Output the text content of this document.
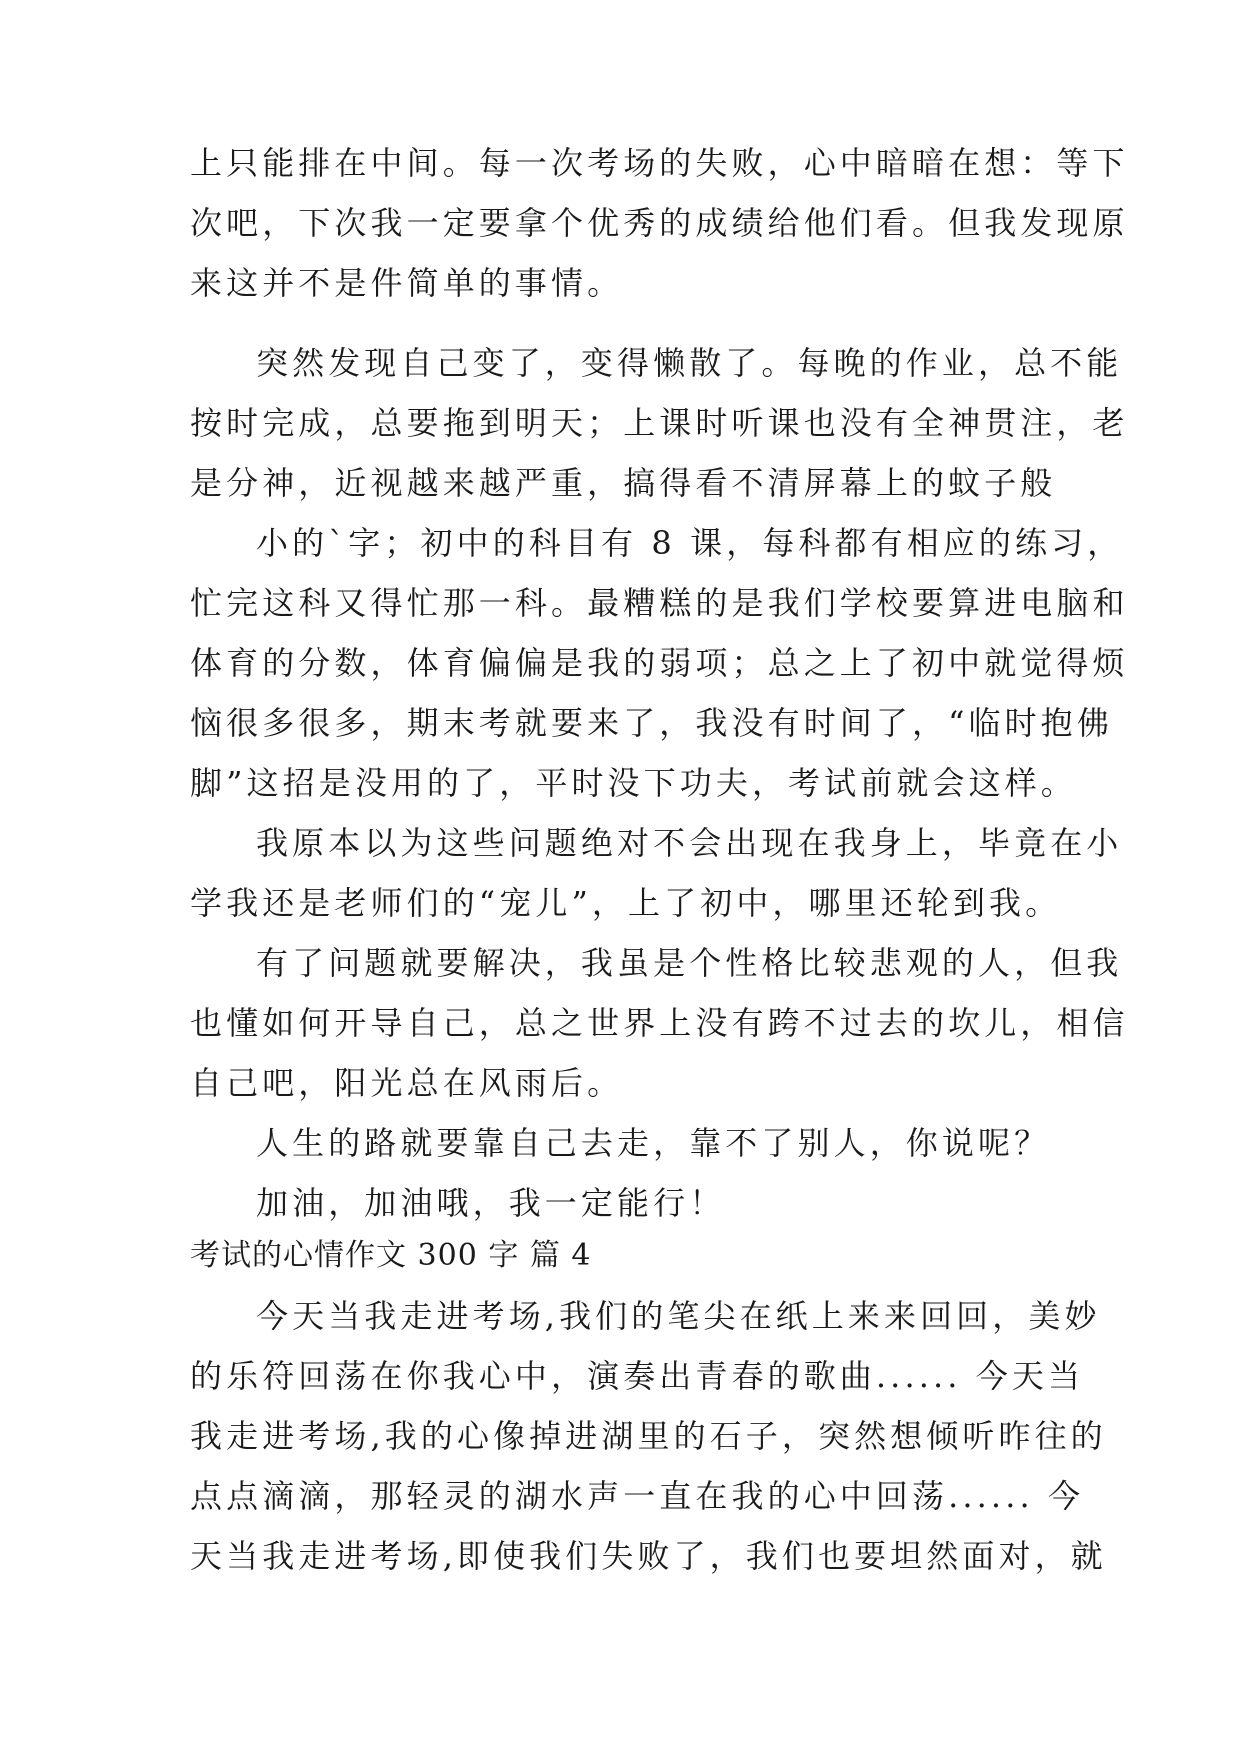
上只能排在中间。每一次考场的失败，心中暗暗在想：等下
次吧，下次我一定要拿个优秀的成绩给他们看。但我发现原
来这并不是件简单的事情。
突然发现自己变了，变得懒散了。每晚的作业，总不能
按时完成，总要拖到明天；上课时听课也没有全神贯注，老
是分神，近视越来越严重，搞得看不清屏幕上的蚊子般
小的`字；初中的科目有 8 课，每科都有相应的练习，
忙完这科又得忙那一科。最糟糕的是我们学校要算进电脑和
体育的分数，体育偏偏是我的弱项；总之上了初中就觉得烦
恼很多很多，期末考就要来了，我没有时间了，“临时抱佛
脚”这招是没用的了，平时没下功夫，考试前就会这样。
我原本以为这些问题绝对不会出现在我身上，毕竟在小
学我还是老师们的“宠儿”，上了初中，哪里还轮到我。
有了问题就要解决，我虽是个性格比较悲观的人，但我
也懂如何开导自己，总之世界上没有跨不过去的坎儿，相信
自己吧，阳光总在风雨后。
人生的路就要靠自己去走，靠不了别人，你说呢？
加油，加油哦，我一定能行！
考试的心情作文 300 字 篇 4
今天当我走进考场,我们的笔尖在纸上来来回回，美妙
的乐符回荡在你我心中，演奏出青春的歌曲...... 今天当
我走进考场,我的心像掉进湖里的石子，突然想倾听昨往的
点点滴滴，那轻灵的湖水声一直在我的心中回荡...... 今
天当我走进考场,即使我们失败了，我们也要坦然面对，就
